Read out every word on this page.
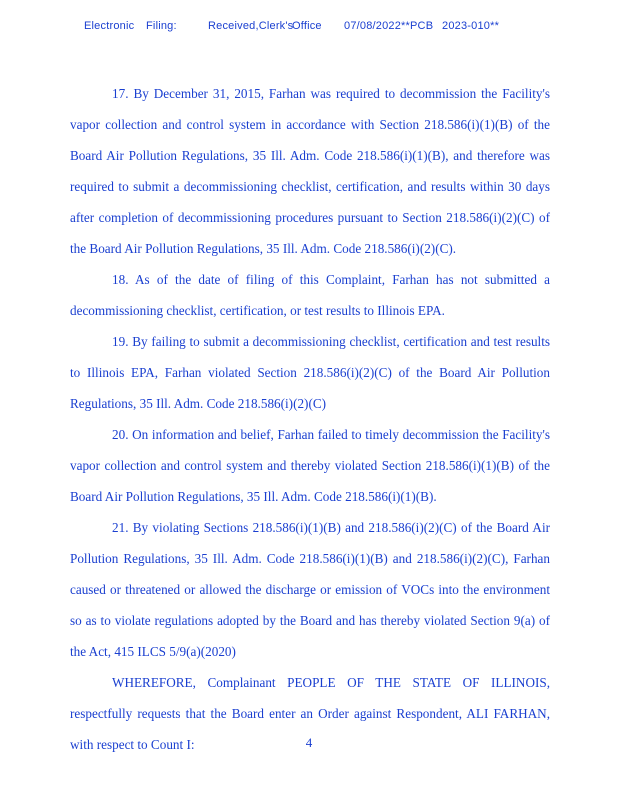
Electronic	Filing:	Received,Clerk's
Office	07/08/2022**PCB 2023-010**

17. By December 31, 2015, Farhan was required to decommission the Facility's vapor collection and control system in accordance with Section 218.586(i)(1)(B) of the Board Air Pollution Regulations, 35 Ill. Adm. Code 218.586(i)(1)(B), and therefore was required to submit a decommissioning checklist, certification, and results within 30 days after completion of decommissioning procedures pursuant to Section 218.586(i)(2)(C) of the Board Air Pollution Regulations, 35 Ill. Adm. Code 218.586(i)(2)(C).

18. As of the date of filing of this Complaint, Farhan has not submitted a decommissioning checklist, certification, or test results to Illinois EPA.

19. By failing to submit a decommissioning checklist, certification and test results to Illinois EPA, Farhan violated Section 218.586(i)(2)(C) of the Board Air Pollution Regulations, 35 Ill. Adm. Code 218.586(i)(2)(C)

20. On information and belief, Farhan failed to timely decommission the Facility's vapor collection and control system and thereby violated Section 218.586(i)(1)(B) of the Board Air Pollution Regulations, 35 Ill. Adm. Code 218.586(i)(1)(B).

21. By violating Sections 218.586(i)(1)(B) and 218.586(i)(2)(C) of the Board Air Pollution Regulations, 35 Ill. Adm. Code 218.586(i)(1)(B) and 218.586(i)(2)(C), Farhan caused or threatened or allowed the discharge or emission of VOCs into the environment so as to violate regulations adopted by the Board and has thereby violated Section 9(a) of the Act, 415 ILCS 5/9(a)(2020)

WHEREFORE, Complainant PEOPLE OF THE STATE OF ILLINOIS, respectfully requests that the Board enter an Order against Respondent, ALI FARHAN, with respect to Count I:	4
